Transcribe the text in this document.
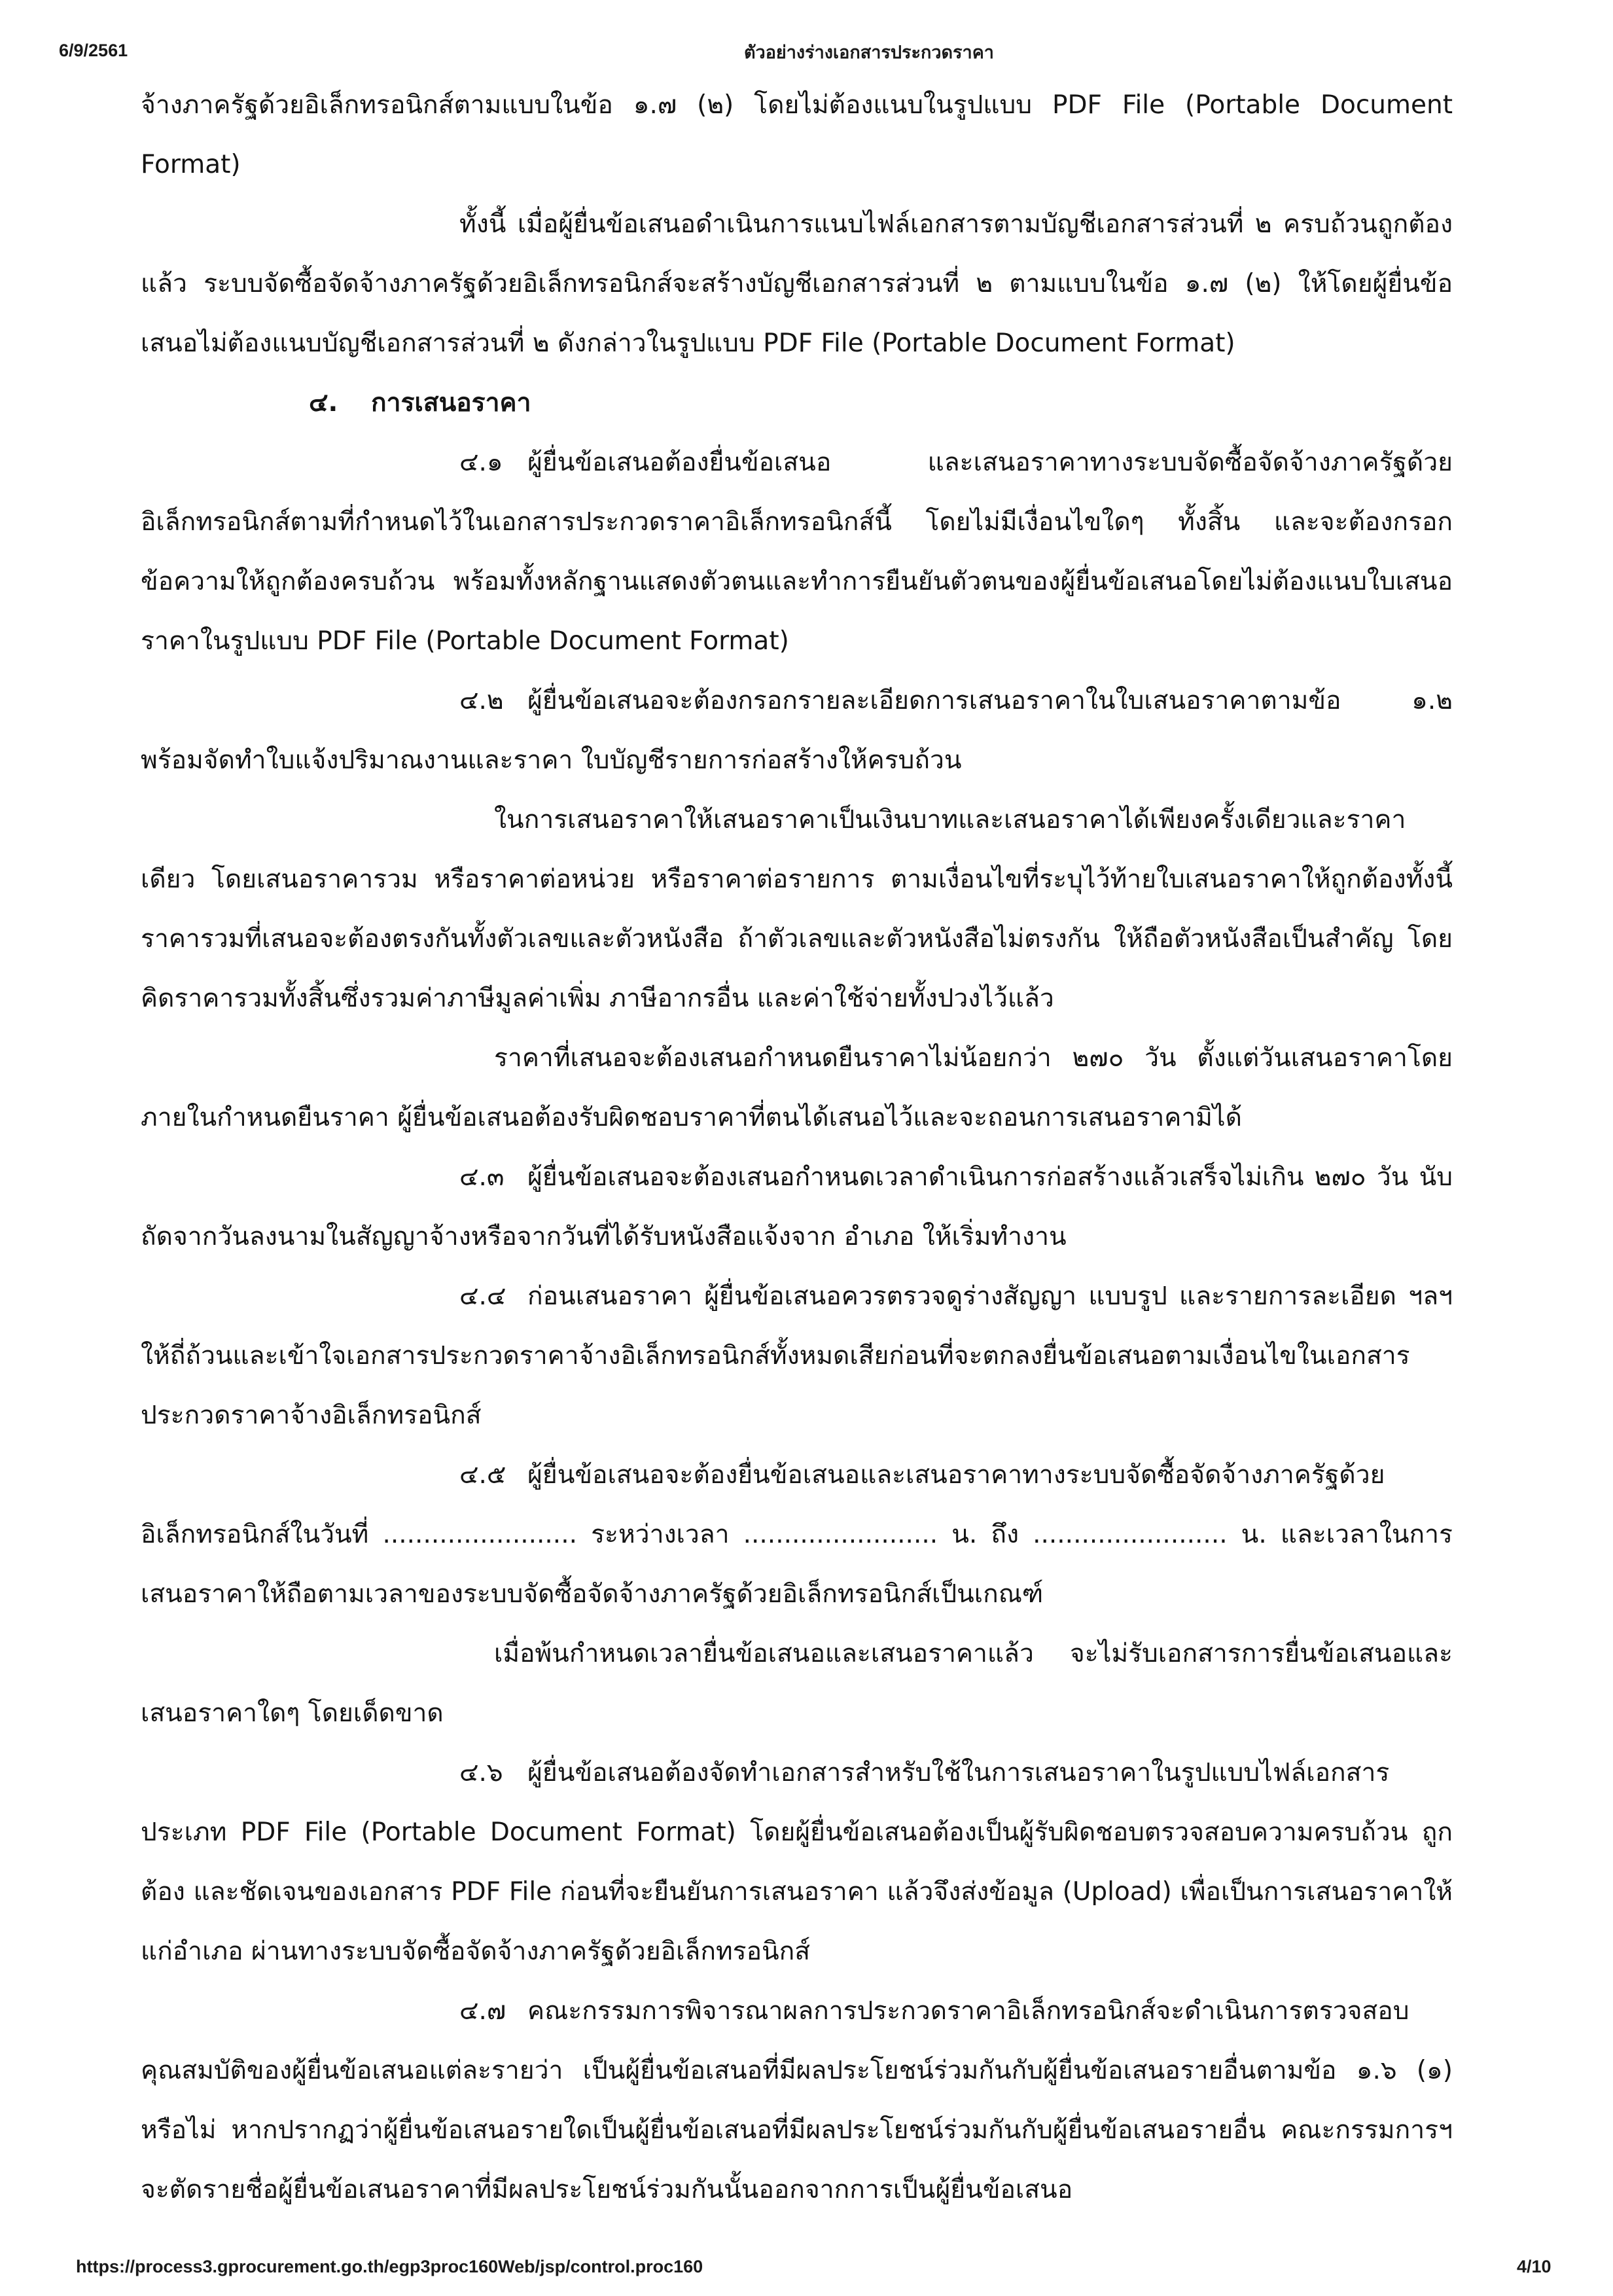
6/9/2561	ตัวอย่างร่างเอกสารประกวดราคา

จ้างภาครัฐด้วยอิเล็กทรอนิกส์ตามแบบในข้อ ๑.๗ (๒) โดยไม่ต้องแนบในรูปแบบ PDF File (Portable Document Format)

ทั้งนี้ เมื่อผู้ยื่นข้อเสนอดำเนินการแนบไฟล์เอกสารตามบัญชีเอกสารส่วนที่ ๒ ครบถ้วนถูกต้องแล้ว ระบบจัดซื้อจัดจ้างภาครัฐด้วยอิเล็กทรอนิกส์จะสร้างบัญชีเอกสารส่วนที่ ๒ ตามแบบในข้อ ๑.๗ (๒) ให้โดยผู้ยื่นข้อเสนอไม่ต้องแนบบัญชีเอกสารส่วนที่ ๒ ดังกล่าวในรูปแบบ PDF File (Portable Document Format)

๔. การเสนอราคา

๔.๑ ผู้ยื่นข้อเสนอต้องยื่นข้อเสนอ และเสนอราคาทางระบบจัดซื้อจัดจ้างภาครัฐด้วยอิเล็กทรอนิกส์ตามที่กำหนดไว้ในเอกสารประกวดราคาอิเล็กทรอนิกส์นี้ โดยไม่มีเงื่อนไขใดๆ ทั้งสิ้น และจะต้องกรอกข้อความให้ถูกต้องครบถ้วน พร้อมทั้งหลักฐานแสดงตัวตนและทำการยืนยันตัวตนของผู้ยื่นข้อเสนอโดยไม่ต้องแนบใบเสนอราคาในรูปแบบ PDF File (Portable Document Format)

๔.๒ ผู้ยื่นข้อเสนอจะต้องกรอกรายละเอียดการเสนอราคาในใบเสนอราคาตามข้อ ๑.๒ พร้อมจัดทำใบแจ้งปริมาณงานและราคา ใบบัญชีรายการก่อสร้างให้ครบถ้วน

ในการเสนอราคาให้เสนอราคาเป็นเงินบาทและเสนอราคาได้เพียงครั้งเดียวและราคาเดียว โดยเสนอราคารวม หรือราคาต่อหน่วย หรือราคาต่อรายการ ตามเงื่อนไขที่ระบุไว้ท้ายใบเสนอราคาให้ถูกต้องทั้งนี้ ราคารวมที่เสนอจะต้องตรงกันทั้งตัวเลขและตัวหนังสือ ถ้าตัวเลขและตัวหนังสือไม่ตรงกัน ให้ถือตัวหนังสือเป็นสำคัญ โดยคิดราคารวมทั้งสิ้นซึ่งรวมค่าภาษีมูลค่าเพิ่ม ภาษีอากรอื่น และค่าใช้จ่ายทั้งปวงไว้แล้ว

ราคาที่เสนอจะต้องเสนอกำหนดยืนราคาไม่น้อยกว่า ๒๗๐ วัน ตั้งแต่วันเสนอราคาโดยภายในกำหนดยืนราคา ผู้ยื่นข้อเสนอต้องรับผิดชอบราคาที่ตนได้เสนอไว้และจะถอนการเสนอราคามิได้

๔.๓ ผู้ยื่นข้อเสนอจะต้องเสนอกำหนดเวลาดำเนินการก่อสร้างแล้วเสร็จไม่เกิน ๒๗๐ วัน นับถัดจากวันลงนามในสัญญาจ้างหรือจากวันที่ได้รับหนังสือแจ้งจาก อำเภอ ให้เริ่มทำงาน

๔.๔ ก่อนเสนอราคา ผู้ยื่นข้อเสนอควรตรวจดูร่างสัญญา แบบรูป และรายการละเอียด ฯลฯ ให้ถี่ถ้วนและเข้าใจเอกสารประกวดราคาจ้างอิเล็กทรอนิกส์ทั้งหมดเสียก่อนที่จะตกลงยื่นข้อเสนอตามเงื่อนไขในเอกสารประกวดราคาจ้างอิเล็กทรอนิกส์

๔.๕ ผู้ยื่นข้อเสนอจะต้องยื่นข้อเสนอและเสนอราคาทางระบบจัดซื้อจัดจ้างภาครัฐด้วยอิเล็กทรอนิกส์ในวันที่ ........................ ระหว่างเวลา ........................ น. ถึง ........................ น. และเวลาในการเสนอราคาให้ถือตามเวลาของระบบจัดซื้อจัดจ้างภาครัฐด้วยอิเล็กทรอนิกส์เป็นเกณฑ์

เมื่อพ้นกำหนดเวลายื่นข้อเสนอและเสนอราคาแล้ว จะไม่รับเอกสารการยื่นข้อเสนอและเสนอราคาใดๆ โดยเด็ดขาด

๔.๖ ผู้ยื่นข้อเสนอต้องจัดทำเอกสารสำหรับใช้ในการเสนอราคาในรูปแบบไฟล์เอกสารประเภท PDF File (Portable Document Format) โดยผู้ยื่นข้อเสนอต้องเป็นผู้รับผิดชอบตรวจสอบความครบถ้วน ถูกต้อง และชัดเจนของเอกสาร PDF File ก่อนที่จะยืนยันการเสนอราคา แล้วจึงส่งข้อมูล (Upload) เพื่อเป็นการเสนอราคาให้แก่อำเภอ ผ่านทางระบบจัดซื้อจัดจ้างภาครัฐด้วยอิเล็กทรอนิกส์

๔.๗ คณะกรรมการพิจารณาผลการประกวดราคาอิเล็กทรอนิกส์จะดำเนินการตรวจสอบคุณสมบัติของผู้ยื่นข้อเสนอแต่ละรายว่า เป็นผู้ยื่นข้อเสนอที่มีผลประโยชน์ร่วมกันกับผู้ยื่นข้อเสนอรายอื่นตามข้อ ๑.๖ (๑) หรือไม่ หากปรากฏว่าผู้ยื่นข้อเสนอรายใดเป็นผู้ยื่นข้อเสนอที่มีผลประโยชน์ร่วมกันกับผู้ยื่นข้อเสนอรายอื่น คณะกรรมการฯ จะตัดรายชื่อผู้ยื่นข้อเสนอราคาที่มีผลประโยชน์ร่วมกันนั้นออกจากการเป็นผู้ยื่นข้อเสนอ

https://process3.gprocurement.go.th/egp3proc160Web/jsp/control.proc160	4/10
